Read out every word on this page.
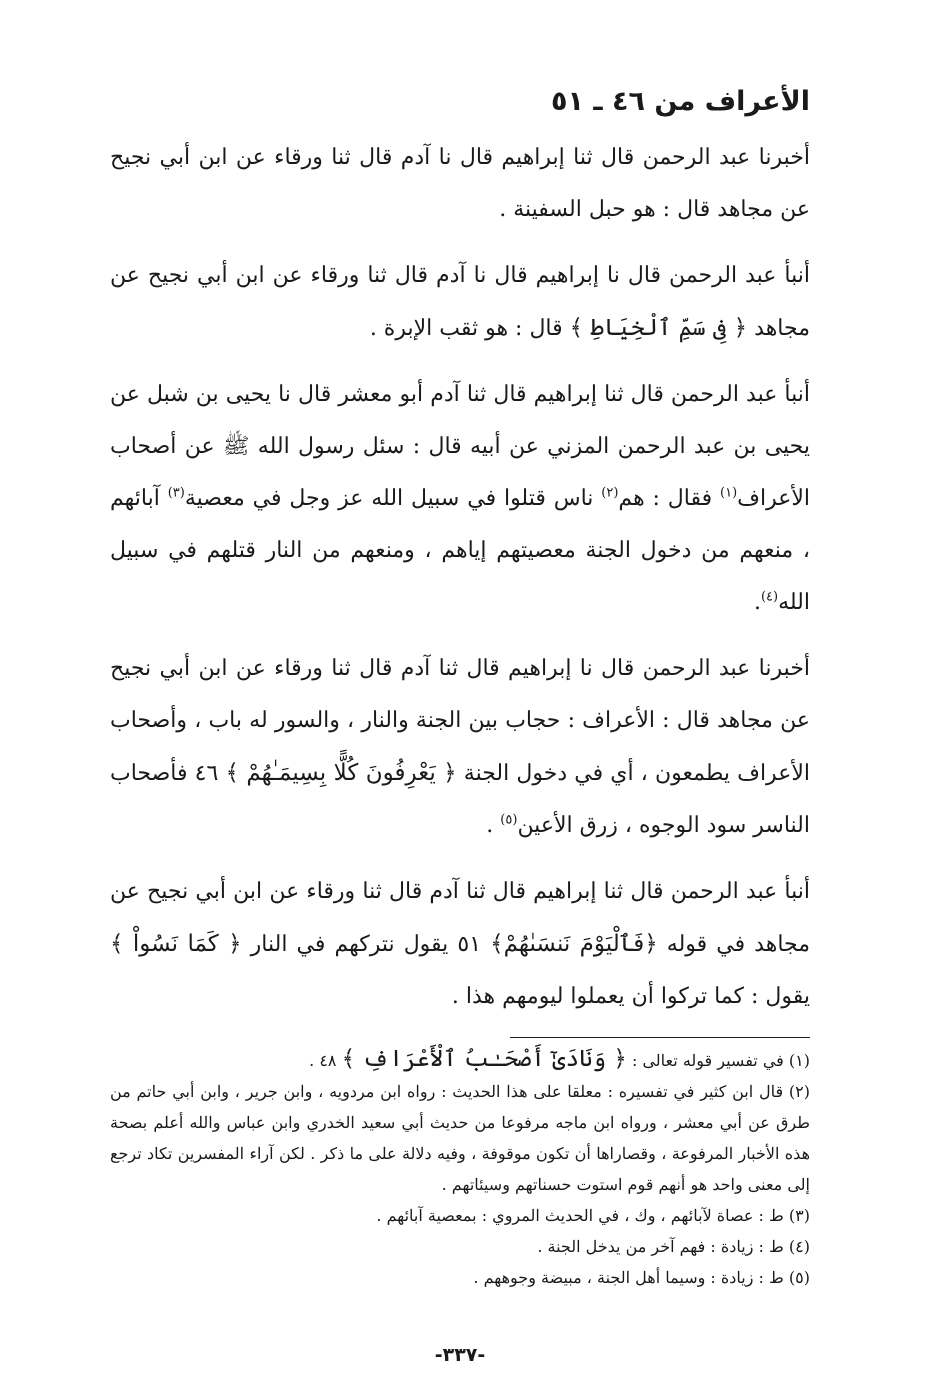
الأعراف من ٤٦ ـ ٥١

أخبرنا عبد الرحمن قال ثنا إبراهيم قال نا آدم قال ثنا ورقاء عن ابن أبي نجيح عن مجاهد قال : هو حبل السفينة .

أنبأ عبد الرحمن قال نا إبراهيم قال نا آدم قال ثنا ورقاء عن ابن أبي نجيح عن مجاهد ﴿ فِى سَمِّ ٱلْخِيَاطِ ﴾ قال : هو ثقب الإبرة .

أنبأ عبد الرحمن قال ثنا إبراهيم قال ثنا آدم أبو معشر قال نا يحيى بن شبل عن يحيى بن عبد الرحمن المزني عن أبيه قال : سئل رسول الله ﷺ عن أصحاب الأعراف$^{(١)}$ فقال : هم$^{(٢)}$ ناس قتلوا في سبيل الله عز وجل في معصية$^{(٣)}$ آبائهم ، منعهم من دخول الجنة معصيتهم إياهم ، ومنعهم من النار قتلهم في سبيل الله$^{(٤)}$.

أخبرنا عبد الرحمن قال نا إبراهيم قال ثنا آدم قال ثنا ورقاء عن ابن أبي نجيح عن مجاهد قال : الأعراف : حجاب بين الجنة والنار ، والسور له باب ، وأصحاب الأعراف يطمعون ، أي في دخول الجنة ﴿ يَعْرِفُونَ كُلًّا بِسِيمَـٰهُمْ ﴾ ٤٦ فأصحاب الناسر سود الوجوه ، زرق الأعين$^{(٥)}$ .

أنبأ عبد الرحمن قال ثنا إبراهيم قال ثنا آدم قال ثنا ورقاء عن ابن أبي نجيح عن مجاهد في قوله ﴿فَٱلْيَوْمَ نَنسَىٰهُمْ﴾ ٥١ يقول نتركهم في النار ﴿ كَمَا نَسُواْ ﴾ يقول : كما تركوا أن يعملوا ليومهم هذا .

(١) في تفسير قوله تعالى : ﴿ وَنَادَىٰٓ أَصْحَـٰبُ ٱلْأَعْرَافِ ﴾ ٤٨ .

(٢) قال ابن كثير في تفسيره : معلقا على هذا الحديث : رواه ابن مردويه ، وابن جرير ، وابن أبي حاتم من طرق عن أبي معشر ، ورواه ابن ماجه مرفوعا من حديث أبي سعيد الخدري وابن عباس والله أعلم بصحة هذه الأخبار المرفوعة ، وقصاراها أن تكون موقوفة ، وفيه دلالة على ما ذكر . لكن آراء المفسرين تكاد ترجع إلى معنى واحد هو أنهم قوم استوت حسناتهم وسيئاتهم .

(٣) ط : عصاة لآبائهم ، وك ، في الحديث المروي : بمعصية آبائهم .

(٤) ط : زيادة : فهم آخر من يدخل الجنة .

(٥) ط : زيادة : وسيما أهل الجنة ، مبيضة وجوههم .

-٣٣٧-
